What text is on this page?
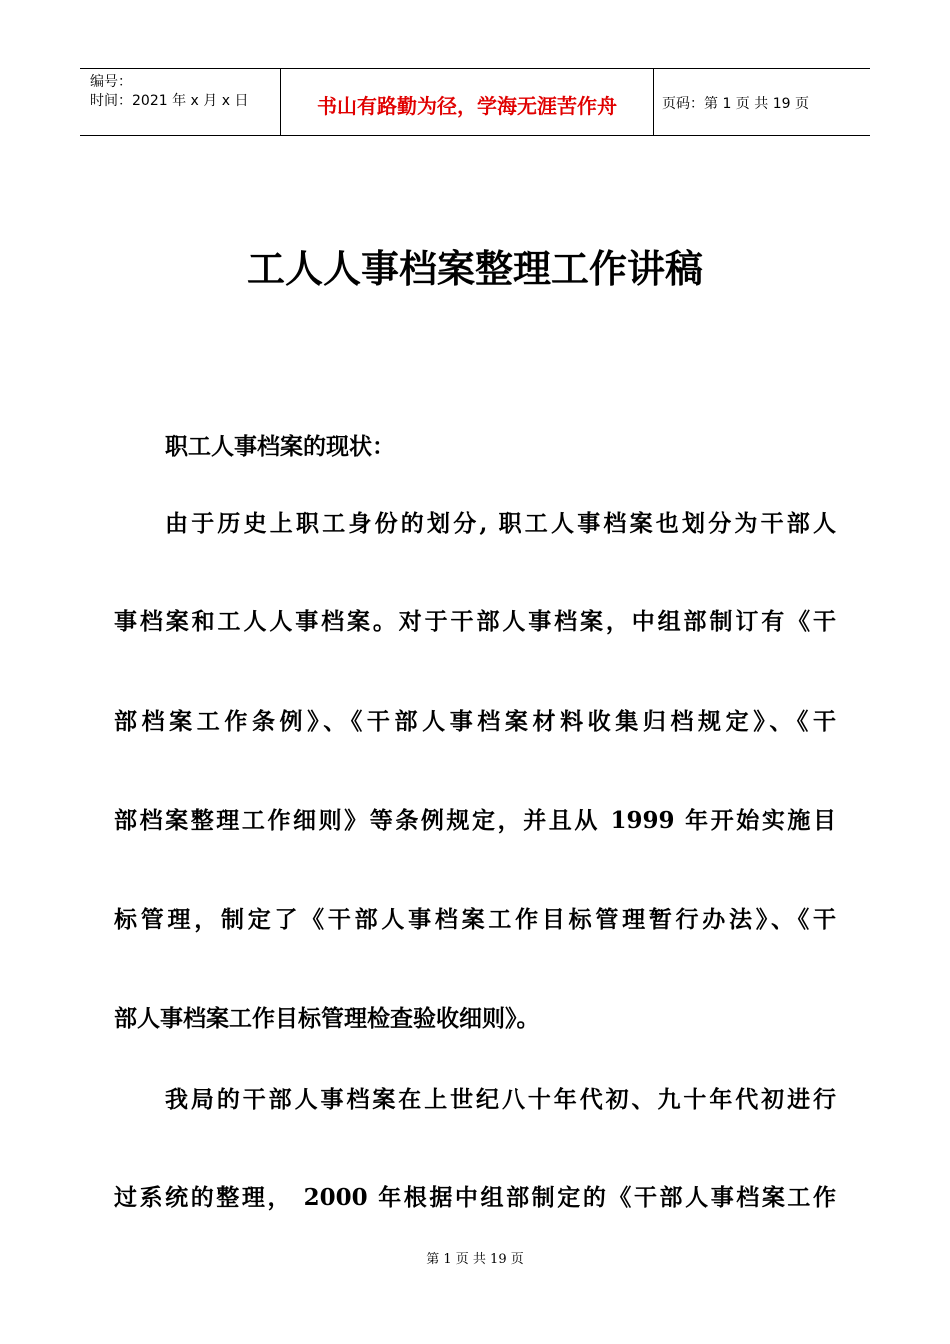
编号：
时间：2021 年 x 月 x 日	书山有路勤为径，学海无涯苦作舟	页码：第 1 页 共 19 页
工人人事档案整理工作讲稿
职工人事档案的现状：
由于历史上职工身份的划分, 职工人事档案也划分为干部人
事档案和工人人事档案。对于干部人事档案，中组部制订有《干
部档案工作条例》、《干部人事档案材料收集归档规定》、《干
部档案整理工作细则》等条例规定，并且从 1999 年开始实施目
标管理，制定了《干部人事档案工作目标管理暂行办法》、《干
部人事档案工作目标管理检查验收细则》。
我局的干部人事档案在上世纪八十年代初、九十年代初进行
过系统的整理， 2000 年根据中组部制定的《干部人事档案工作
第 1 页 共 19 页
